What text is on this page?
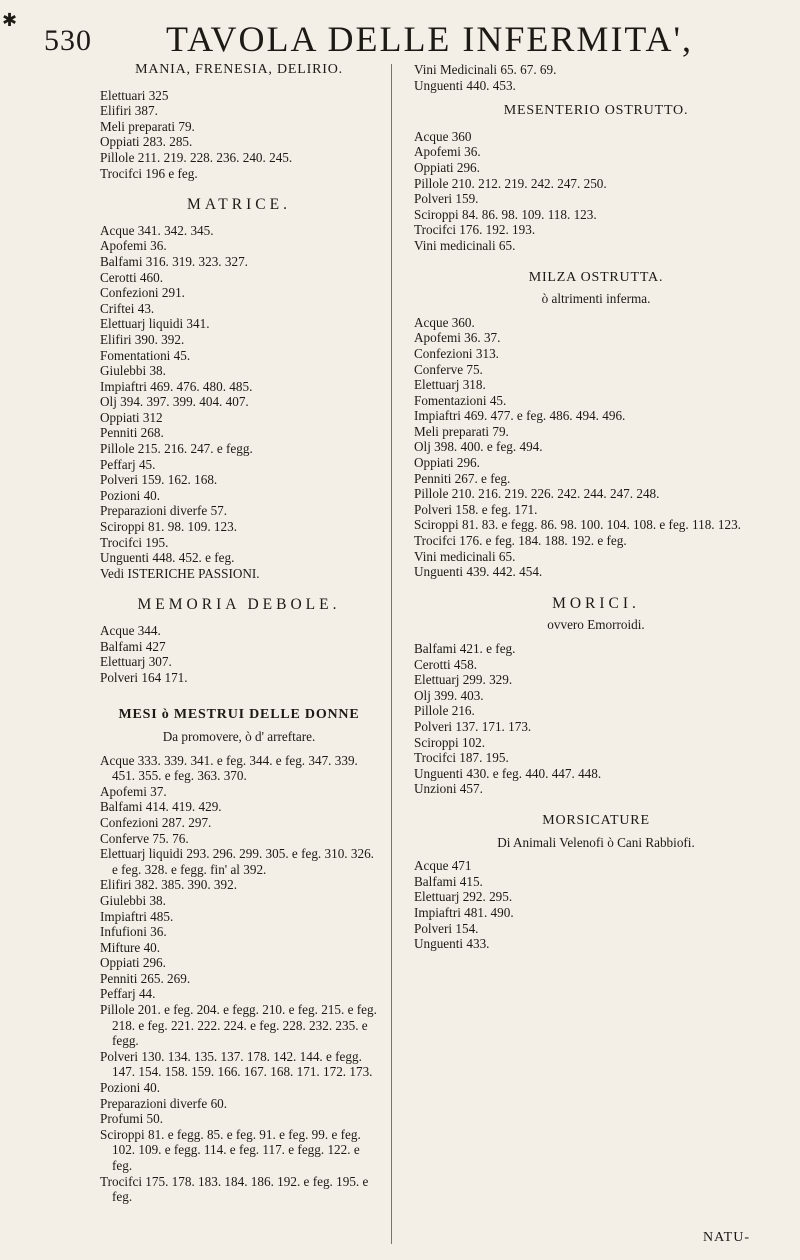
✱
530 TAVOLA DELLE INFERMITA',
MANIA, FRENESIA, DELIRIO.
Elettuari 325
Elifiri 387.
Meli preparati 79.
Oppiati 283. 285.
Pillole 211. 219. 228. 236. 240. 245.
Trocifci 196 e feg.
MATRICE.
Acque 341. 342. 345.
Apofemi 36.
Balfami 316. 319. 323. 327.
Cerotti 460.
Confezioni 291.
Criftei 43.
Elettuarj liquidi 341.
Elifiri 390. 392.
Fomentationi 45.
Giulebbi 38.
Impiaftri 469. 476. 480. 485.
Olj 394. 397. 399. 404. 407.
Oppiati 312
Penniti 268.
Pillole 215. 216. 247. e fegg.
Peffarj 45.
Polveri 159. 162. 168.
Pozioni 40.
Preparazioni diverfe 57.
Sciroppi 81. 98. 109. 123.
Trocifci 195.
Unguenti 448. 452. e feg.
Vedi ISTERICHE PASSIONI.
MEMORIA DEBOLE.
Acque 344.
Balfami 427
Elettuarj 307.
Polveri 164 171.
MESI ò MESTRUI DELLE DONNE
Da promovere, ò d' arreftare.
Acque 333. 339. 341. e feg. 344. e feg. 347. 339. 451. 355. e feg. 363. 370.
Apofemi 37.
Balfami 414. 419. 429.
Confezioni 287. 297.
Conferve 75. 76.
Elettuarj liquidi 293. 296. 299. 305. e feg. 310. 326. e feg. 328. e fegg. fin' al 392.
Elifiri 382. 385. 390. 392.
Giulebbi 38.
Impiaftri 485.
Infufioni 36.
Mifture 40.
Oppiati 296.
Penniti 265. 269.
Peffarj 44.
Pillole 201. e feg. 204. e fegg. 210. e feg. 215. e feg. 218. e feg. 221. 222. 224. e feg. 228. 232. 235. e fegg.
Polveri 130. 134. 135. 137. 178. 142. 144. e fegg. 147. 154. 158. 159. 166. 167. 168. 171. 172. 173.
Pozioni 40.
Preparazioni diverfe 60.
Profumi 50.
Sciroppi 81. e fegg. 85. e feg. 91. e feg. 99. e feg. 102. 109. e fegg. 114. e feg. 117. e fegg. 122. e feg.
Trocifci 175. 178. 183. 184. 186. 192. e feg. 195. e feg.
Vini Medicinali 65. 67. 69.
Unguenti 440. 453.
MESENTERIO OSTRUTTO.
Acque 360
Apofemi 36.
Oppiati 296.
Pillole 210. 212. 219. 242. 247. 250.
Polveri 159.
Sciroppi 84. 86. 98. 109. 118. 123.
Trocifci 176. 192. 193.
Vini medicinali 65.
MILZA OSTRUTTA.
ò altrimenti inferma.
Acque 360.
Apofemi 36. 37.
Confezioni 313.
Conferve 75.
Elettuarj 318.
Fomentazioni 45.
Impiaftri 469. 477. e feg. 486. 494. 496.
Meli preparati 79.
Olj 398. 400. e feg. 494.
Oppiati 296.
Penniti 267. e feg.
Pillole 210. 216. 219. 226. 242. 244. 247. 248.
Polveri 158. e feg. 171.
Sciroppi 81. 83. e fegg. 86. 98. 100. 104. 108. e feg. 118. 123.
Trocifci 176. e feg. 184. 188. 192. e feg.
Vini medicinali 65.
Unguenti 439. 442. 454.
MORICI.
ovvero Emorroidi.
Balfami 421. e feg.
Cerotti 458.
Elettuarj 299. 329.
Olj 399. 403.
Pillole 216.
Polveri 137. 171. 173.
Sciroppi 102.
Trocifci 187. 195.
Unguenti 430. e feg. 440. 447. 448.
Unzioni 457.
MORSICATURE
Di Animali Velenofi ò Cani Rabbiofi.
Acque 471
Balfami 415.
Elettuarj 292. 295.
Impiaftri 481. 490.
Polveri 154.
Unguenti 433.
NATU-
